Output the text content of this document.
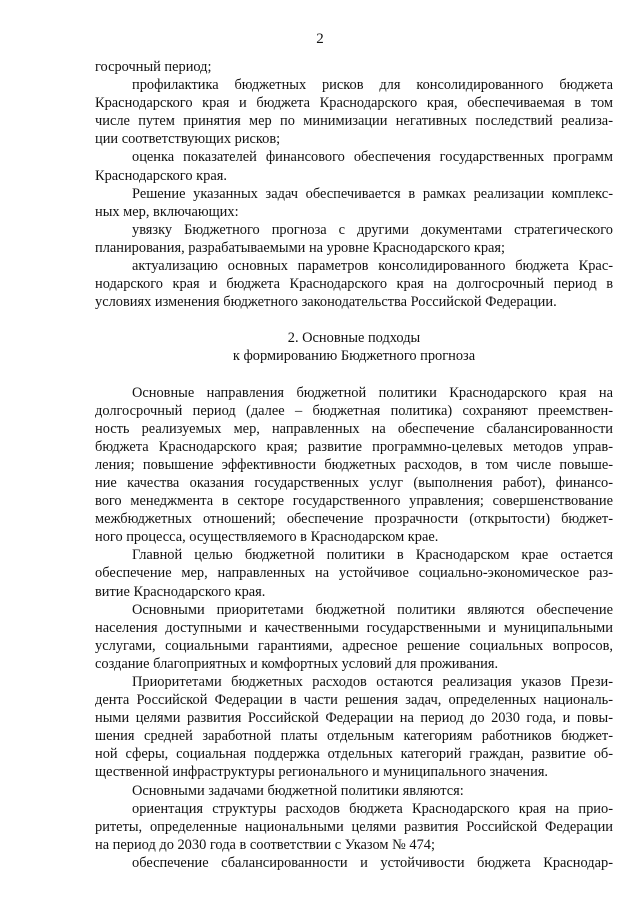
2
госрочный период;
профилактика бюджетных рисков для консолидированного бюджета
Краснодарского края и бюджета Краснодарского края, обеспечиваемая в том
числе путем принятия мер по минимизации негативных последствий реализа-
ции соответствующих рисков;
оценка показателей финансового обеспечения государственных программ
Краснодарского края.
Решение указанных задач обеспечивается в рамках реализации комплекс-
ных мер, включающих:
увязку Бюджетного прогноза с другими документами стратегического
планирования, разрабатываемыми на уровне Краснодарского края;
актуализацию основных параметров консолидированного бюджета Крас-
нодарского края и бюджета Краснодарского края на долгосрочный период в
условиях изменения бюджетного законодательства Российской Федерации.
2. Основные подходы
к формированию Бюджетного прогноза
Основные направления бюджетной политики Краснодарского края на
долгосрочный период (далее – бюджетная политика) сохраняют преемствен-
ность реализуемых мер, направленных на обеспечение сбалансированности
бюджета Краснодарского края; развитие программно-целевых методов управ-
ления; повышение эффективности бюджетных расходов, в том числе повыше-
ние качества оказания государственных услуг (выполнения работ), финансо-
вого менеджмента в секторе государственного управления; совершенствование
межбюджетных отношений; обеспечение прозрачности (открытости) бюджет-
ного процесса, осуществляемого в Краснодарском крае.
Главной целью бюджетной политики в Краснодарском крае остается
обеспечение мер, направленных на устойчивое социально-экономическое раз-
витие Краснодарского края.
Основными приоритетами бюджетной политики являются обеспечение
населения доступными и качественными государственными и муниципальными
услугами, социальными гарантиями, адресное решение социальных вопросов,
создание благоприятных и комфортных условий для проживания.
Приоритетами бюджетных расходов остаются реализация указов Прези-
дента Российской Федерации в части решения задач, определенных националь-
ными целями развития Российской Федерации на период до 2030 года, и повы-
шения средней заработной платы отдельным категориям работников бюджет-
ной сферы, социальная поддержка отдельных категорий граждан, развитие об-
щественной инфраструктуры регионального и муниципального значения.
Основными задачами бюджетной политики являются:
ориентация структуры расходов бюджета Краснодарского края на прио-
ритеты, определенные национальными целями развития Российской Федерации
на период до 2030 года в соответствии с Указом № 474;
обеспечение сбалансированности и устойчивости бюджета Краснодар-
